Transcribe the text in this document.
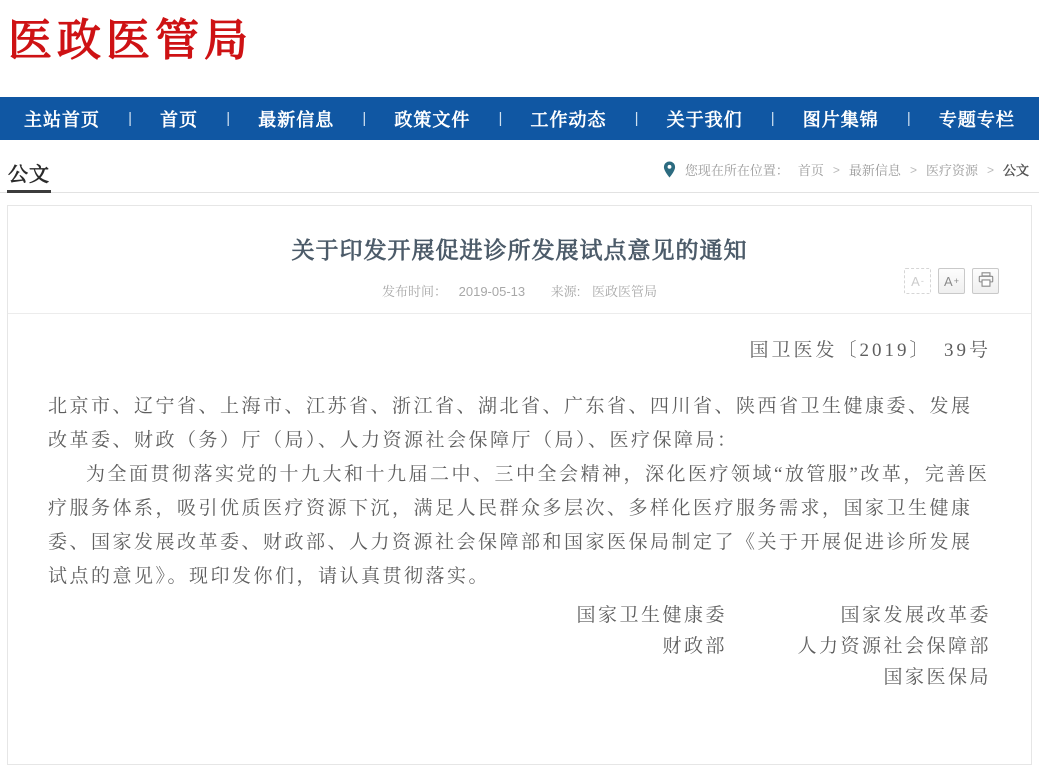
医政医管局
主站首页 | 首页 | 最新信息 | 政策文件 | 工作动态 | 关于我们 | 图片集锦 | 专题专栏
公文	您现在所在位置： 首页 > 最新信息 > 医疗资源 > 公文
关于印发开展促进诊所发展试点意见的通知
发布时间： 2019-05-13 来源: 医政医管局
A - A +
国卫医发〔2019〕　39号

北京市、辽宁省、上海市、江苏省、浙江省、湖北省、广东省、四川省、陕西省卫生健康委、发展改革委、财政（务）厅（局）、人力资源社会保障厅（局）、医疗保障局：

为全面贯彻落实党的十九大和十九届二中、三中全会精神，深化医疗领域“放管服”改革，完善医疗服务体系，吸引优质医疗资源下沉，满足人民群众多层次、多样化医疗服务需求，国家卫生健康委、国家发展改革委、财政部、人力资源社会保障部和国家医保局制定了《关于开展促进诊所发展试点的意见》。现印发你们，请认真贯彻落实。

国家卫生健康委	国家发展改革委
财政部	人力资源社会保障部
国家医保局
